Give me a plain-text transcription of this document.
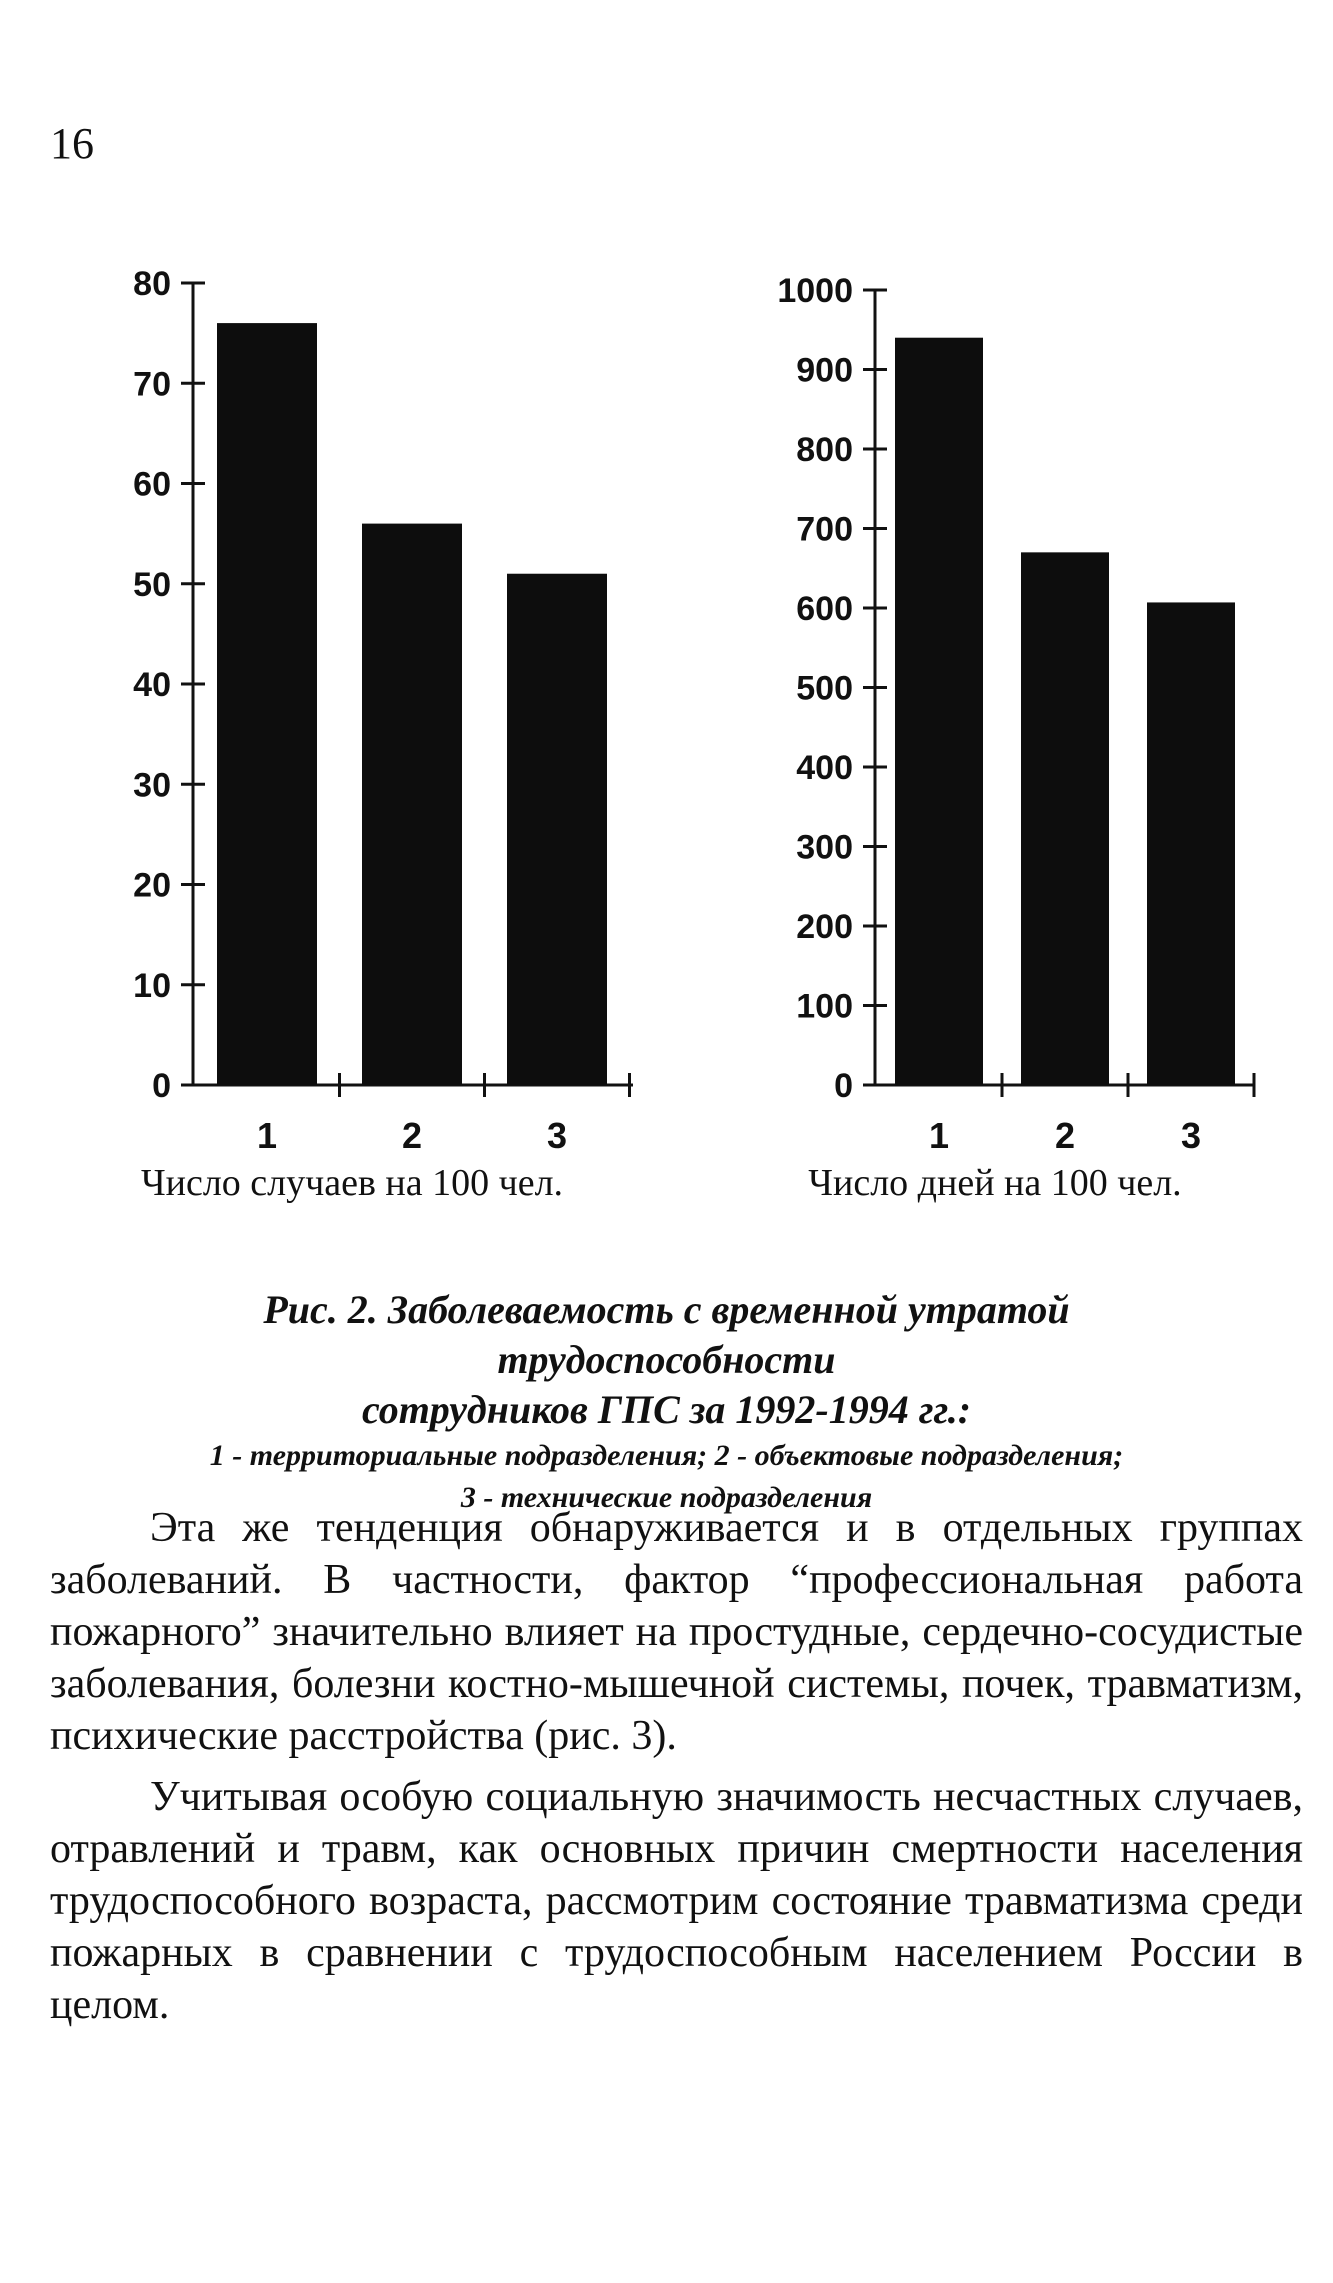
16
0
10
20
30
40
50
60
70
80
1	2	3
Число случаев на 100 чел.
0
100
200
300
400
500
600
700
800
900
1000
1	2	3
Число дней на 100 чел.
Рис. 2. Заболеваемость с временной утратой трудоспособности
сотрудников ГПС за 1992-1994 гг.:
1 - территориальные подразделения; 2 - объектовые подразделения;
3 - технические подразделения

Эта же тенденция обнаруживается и в отдельных группах заболеваний. В частности, фактор “профессиональная работа пожарного” значительно влияет на простудные, сердечно-сосудистые заболевания, болезни костно-мышечной системы, почек, травматизм, психические расстройства (рис. 3).

Учитывая особую социальную значимость несчастных случаев, отравлений и травм, как основных причин смертности населения трудоспособного возраста, рассмотрим состояние травматизма среди пожарных в сравнении с трудоспособным населением России в целом.
